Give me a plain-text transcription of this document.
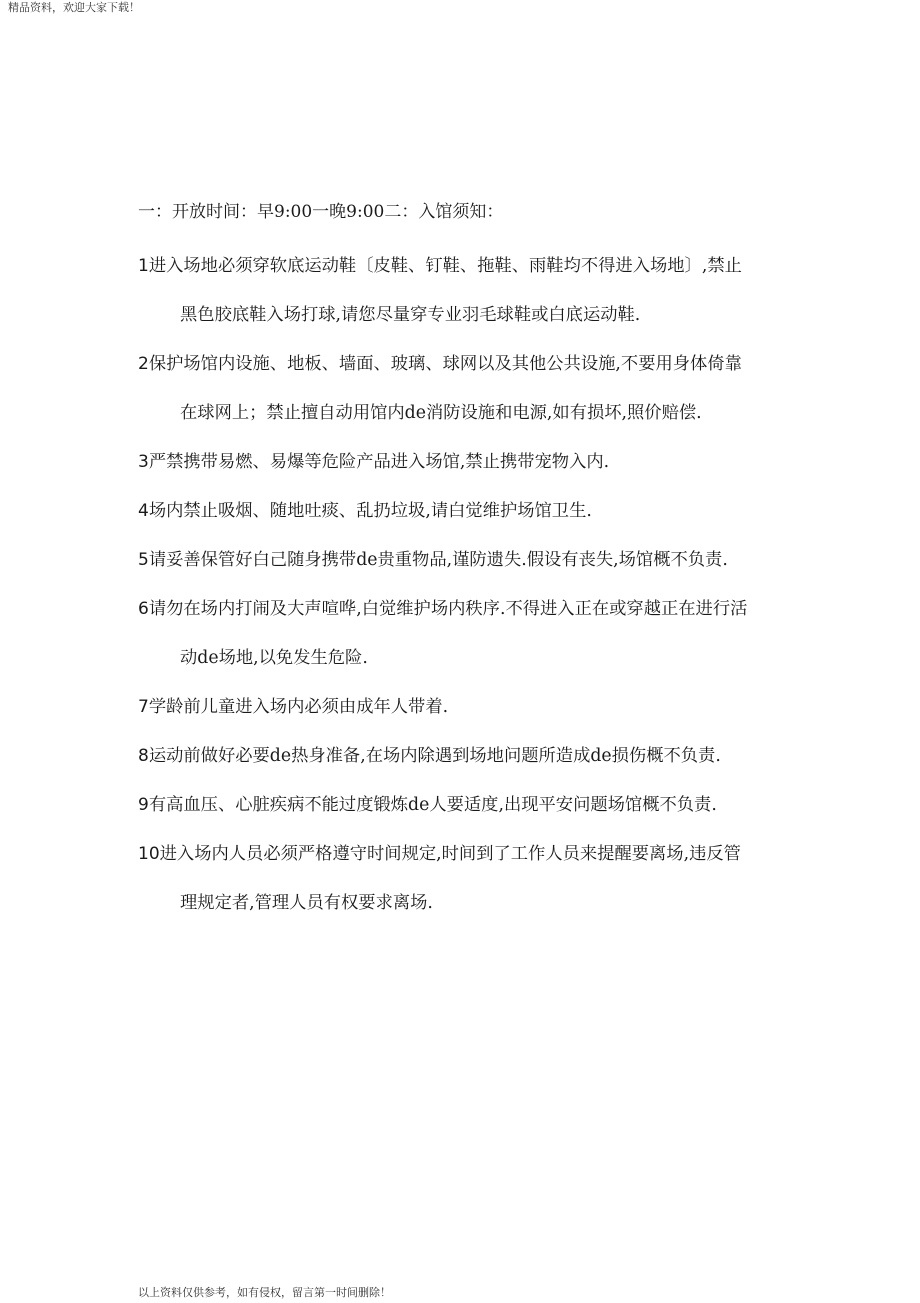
精品资料，欢迎大家下载！
一：开放时间：早9:00一晚9:00二：入馆须知：
1进入场地必须穿软底运动鞋〔皮鞋、钉鞋、拖鞋、雨鞋均不得进入场地〕,禁止黑色胶底鞋入场打球,请您尽量穿专业羽毛球鞋或白底运动鞋.
2保护场馆内设施、地板、墙面、玻璃、球网以及其他公共设施,不要用身体倚靠在球网上；禁止擅自动用馆内de消防设施和电源,如有损坏,照价赔偿.
3严禁携带易燃、易爆等危险产品进入场馆,禁止携带宠物入内.
4场内禁止吸烟、随地吐痰、乱扔垃圾,请白觉维护场馆卫生.
5请妥善保管好白己随身携带de贵重物品,谨防遗失.假设有丧失,场馆概不负责.
6请勿在场内打闹及大声喧哗,白觉维护场内秩序.不得进入正在或穿越正在进行活动de场地,以免发生危险.
7学龄前儿童进入场内必须由成年人带着.
8运动前做好必要de热身准备,在场内除遇到场地问题所造成de损伤概不负责.
9有高血压、心脏疾病不能过度锻炼de人要适度,出现平安问题场馆概不负责.
10进入场内人员必须严格遵守时间规定,时间到了工作人员来提醒要离场,违反管理规定者,管理人员有权要求离场.
以上资料仅供参考，如有侵权，留言第一时间删除！
